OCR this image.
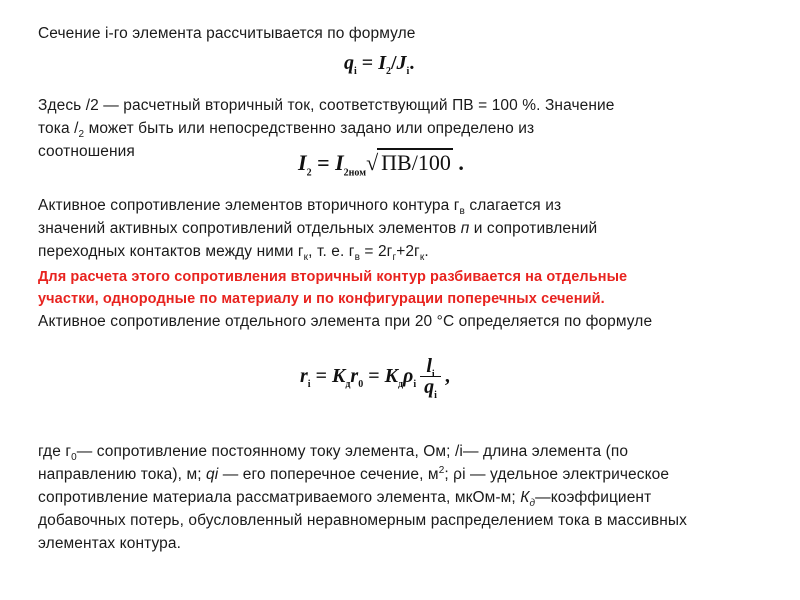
Сечение i-го элемента рассчитывается по формуле
$q_i = I_2/J_i$.
Здесь /2 — расчетный вторичный ток, соответствующий ПВ = 100 %. Значение
тока $/_2$ может быть или непосредственно задано или определено из
соотношения	$I_2 = I_{2ном}√$ ПВ/100 .
Активное сопротивление элементов вторичного контура $г_в$ слагается из
значений активных сопротивлений отдельных элементов п и сопротивлений
переходных контактов между ними $г_к$, т. е. $г_в = 2г_г+2г_к$.
Для расчета этого сопротивления вторичный контур разбивается на отдельные
участки, однородные по материалу и по конфигурации поперечных сечений.
Активное сопротивление отдельного элемента при 20 °С определяется по формуле
$r_i = K_дr_0 = K_д\rho_i \frac{l_i}{q_i}$ ,
где $г_0—$ сопротивление постоянному току элемента, Ом; /i— длина элемента (по
направлению тока), м; qi — его поперечное сечение, $м^2$; ρi — удельное электрическое
сопротивление материала рассматриваемого элемента, мкОм-м; $К_д—коэффициент$
добавочных потерь, обусловленный неравномерным распределением тока в массивных
элементах контура.
